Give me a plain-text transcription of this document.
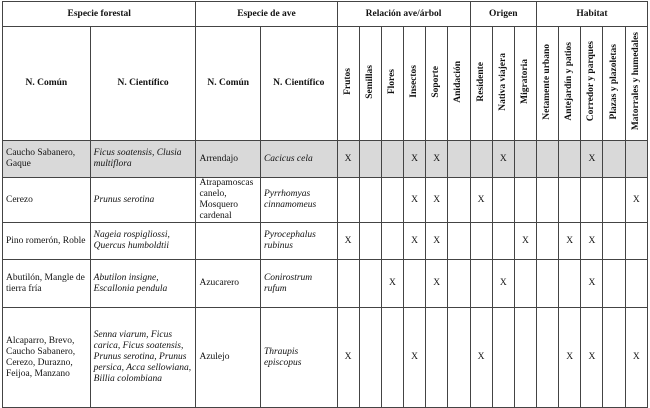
Especie forestal		Especie de ave		Relación ave/árbol						Origen			Habitat				
N. Común	N. Científico	N. Común	N. Científico	Frutos	Semillas	Flores	Insectos	Soporte	Anidación	Residente	Nativa viajera	Migratoria	Netamente urbano	Antejardín y patios	Corredor y parques	Plazas y plazoletas	Matorrales y humedales
Caucho Sabanero, Gaque	Ficus soatensis, Clusia multiflora	Arrendajo	Cacicus cela	X			X	X			X				X		
Cerezo	Prunus serotina	Atrapamoscas canelo, Mosquero cardenal	Pyrrhomyas cinnamomeus				X	X		X							X
Pino romerón, Roble	Nageia rospigliossi, Quercus humboldtii		Pyrocephalus rubinus	X			X	X				X		X	X		
Abutilón, Mangle de tierra fría	Abutilon insigne, Escallonia pendula	Azucarero	Conirostrum rufum			X		X			X				X		
Alcaparro, Brevo, Caucho Sabanero, Cerezo, Durazno, Feijoa, Manzano	Senna viarum, Ficus carica, Ficus soatensis, Prunus serotina, Prunus persica, Acca sellowiana, Billia colombiana	Azulejo	Thraupis episcopus	X			X			X				X	X		X
